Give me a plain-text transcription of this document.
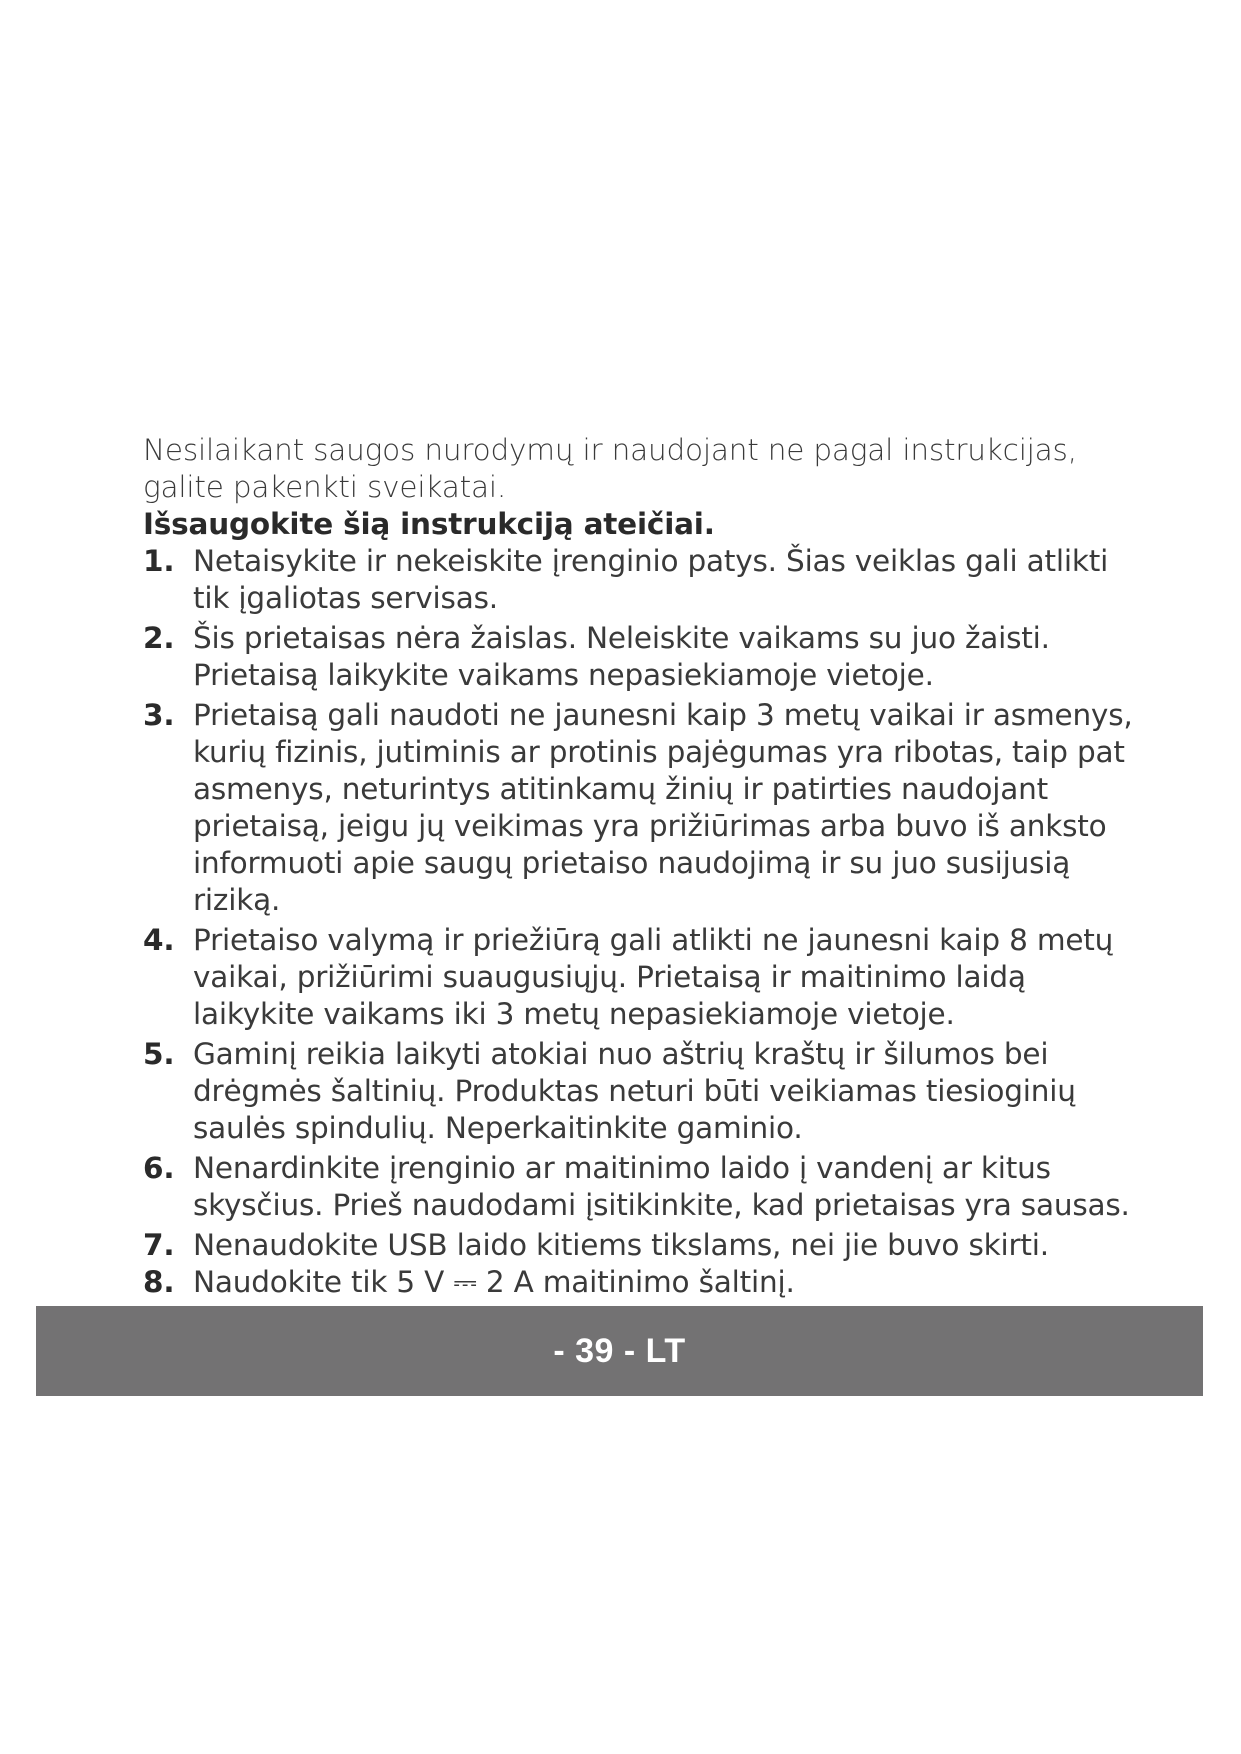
Nesilaikant saugos nurodymų ir naudojant ne pagal instrukcijas, galite pakenkti sveikatai.

Išsaugokite šią instrukciją ateičiai.

1. Netaisykite ir nekeiskite įrenginio patys. Šias veiklas gali atlikti tik įgaliotas servisas.
2. Šis prietaisas nėra žaislas. Neleiskite vaikams su juo žaisti. Prietaisą laikykite vaikams nepasiekiamoje vietoje.
3. Prietaisą gali naudoti ne jaunesni kaip 3 metų vaikai ir asmenys, kurių fizinis, jutiminis ar protinis pajėgumas yra ribotas, taip pat asmenys, neturintys atitinkamų žinių ir patirties naudojant prietaisą, jeigu jų veikimas yra prižiūrimas arba buvo iš anksto informuoti apie saugų prietaiso naudojimą ir su juo susijusią riziką.
4. Prietaiso valymą ir priežiūrą gali atlikti ne jaunesni kaip 8 metų vaikai, prižiūrimi suaugusiųjų. Prietaisą ir maitinimo laidą laikykite vaikams iki 3 metų nepasiekiamoje vietoje.
5. Gaminį reikia laikyti atokiai nuo aštrių kraštų ir šilumos bei drėgmės šaltinių. Produktas neturi būti veikiamas tiesioginių saulės spindulių. Neperkaitinkite gaminio.
6. Nenardinkite įrenginio ar maitinimo laido į vandenį ar kitus skysčius. Prieš naudodami įsitikinkite, kad prietaisas yra sausas.
7. Nenaudokite USB laido kitiems tikslams, nei jie buvo skirti.
8. Naudokite tik 5 V ⎓ 2 A maitinimo šaltinį.
- 39 - LT
